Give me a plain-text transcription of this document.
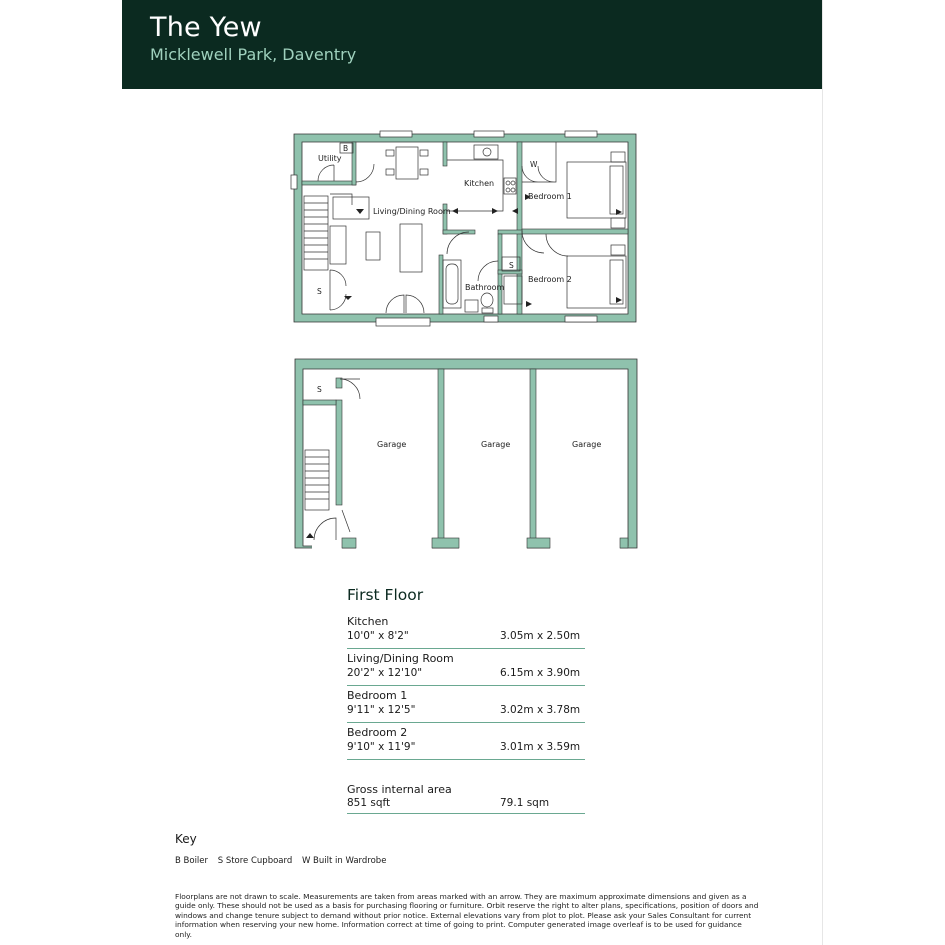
The Yew
Micklewell Park, Daventry
Utility
Kitchen
Living/Dining Room
Bedroom 1
Bedroom 2
Bathroom
B
W
S
S
Garage	Garage	Garage
S
First Floor
Kitchen
10'0" x 8'2"	3.05m x 2.50m
Living/Dining Room
20'2" x 12'10"	6.15m x 3.90m
Bedroom 1
9'11" x 12'5"	3.02m x 3.78m
Bedroom 2
9'10" x 11'9"	3.01m x 3.59m
Gross internal area
851 sqft	79.1 sqm
Key
B Boiler S Store Cupboard W Built in Wardrobe
Floorplans are not drawn to scale. Measurements are taken from areas marked with an arrow. They are maximum approximate dimensions and given as a guide only. These should not be used as a basis for purchasing flooring or furniture. Orbit reserve the right to alter plans, specifications, position of doors and windows and change tenure subject to demand without prior notice. External elevations vary from plot to plot. Please ask your Sales Consultant for current information when reserving your new home. Information correct at time of going to print. Computer generated image overleaf is to be used for guidance only.
